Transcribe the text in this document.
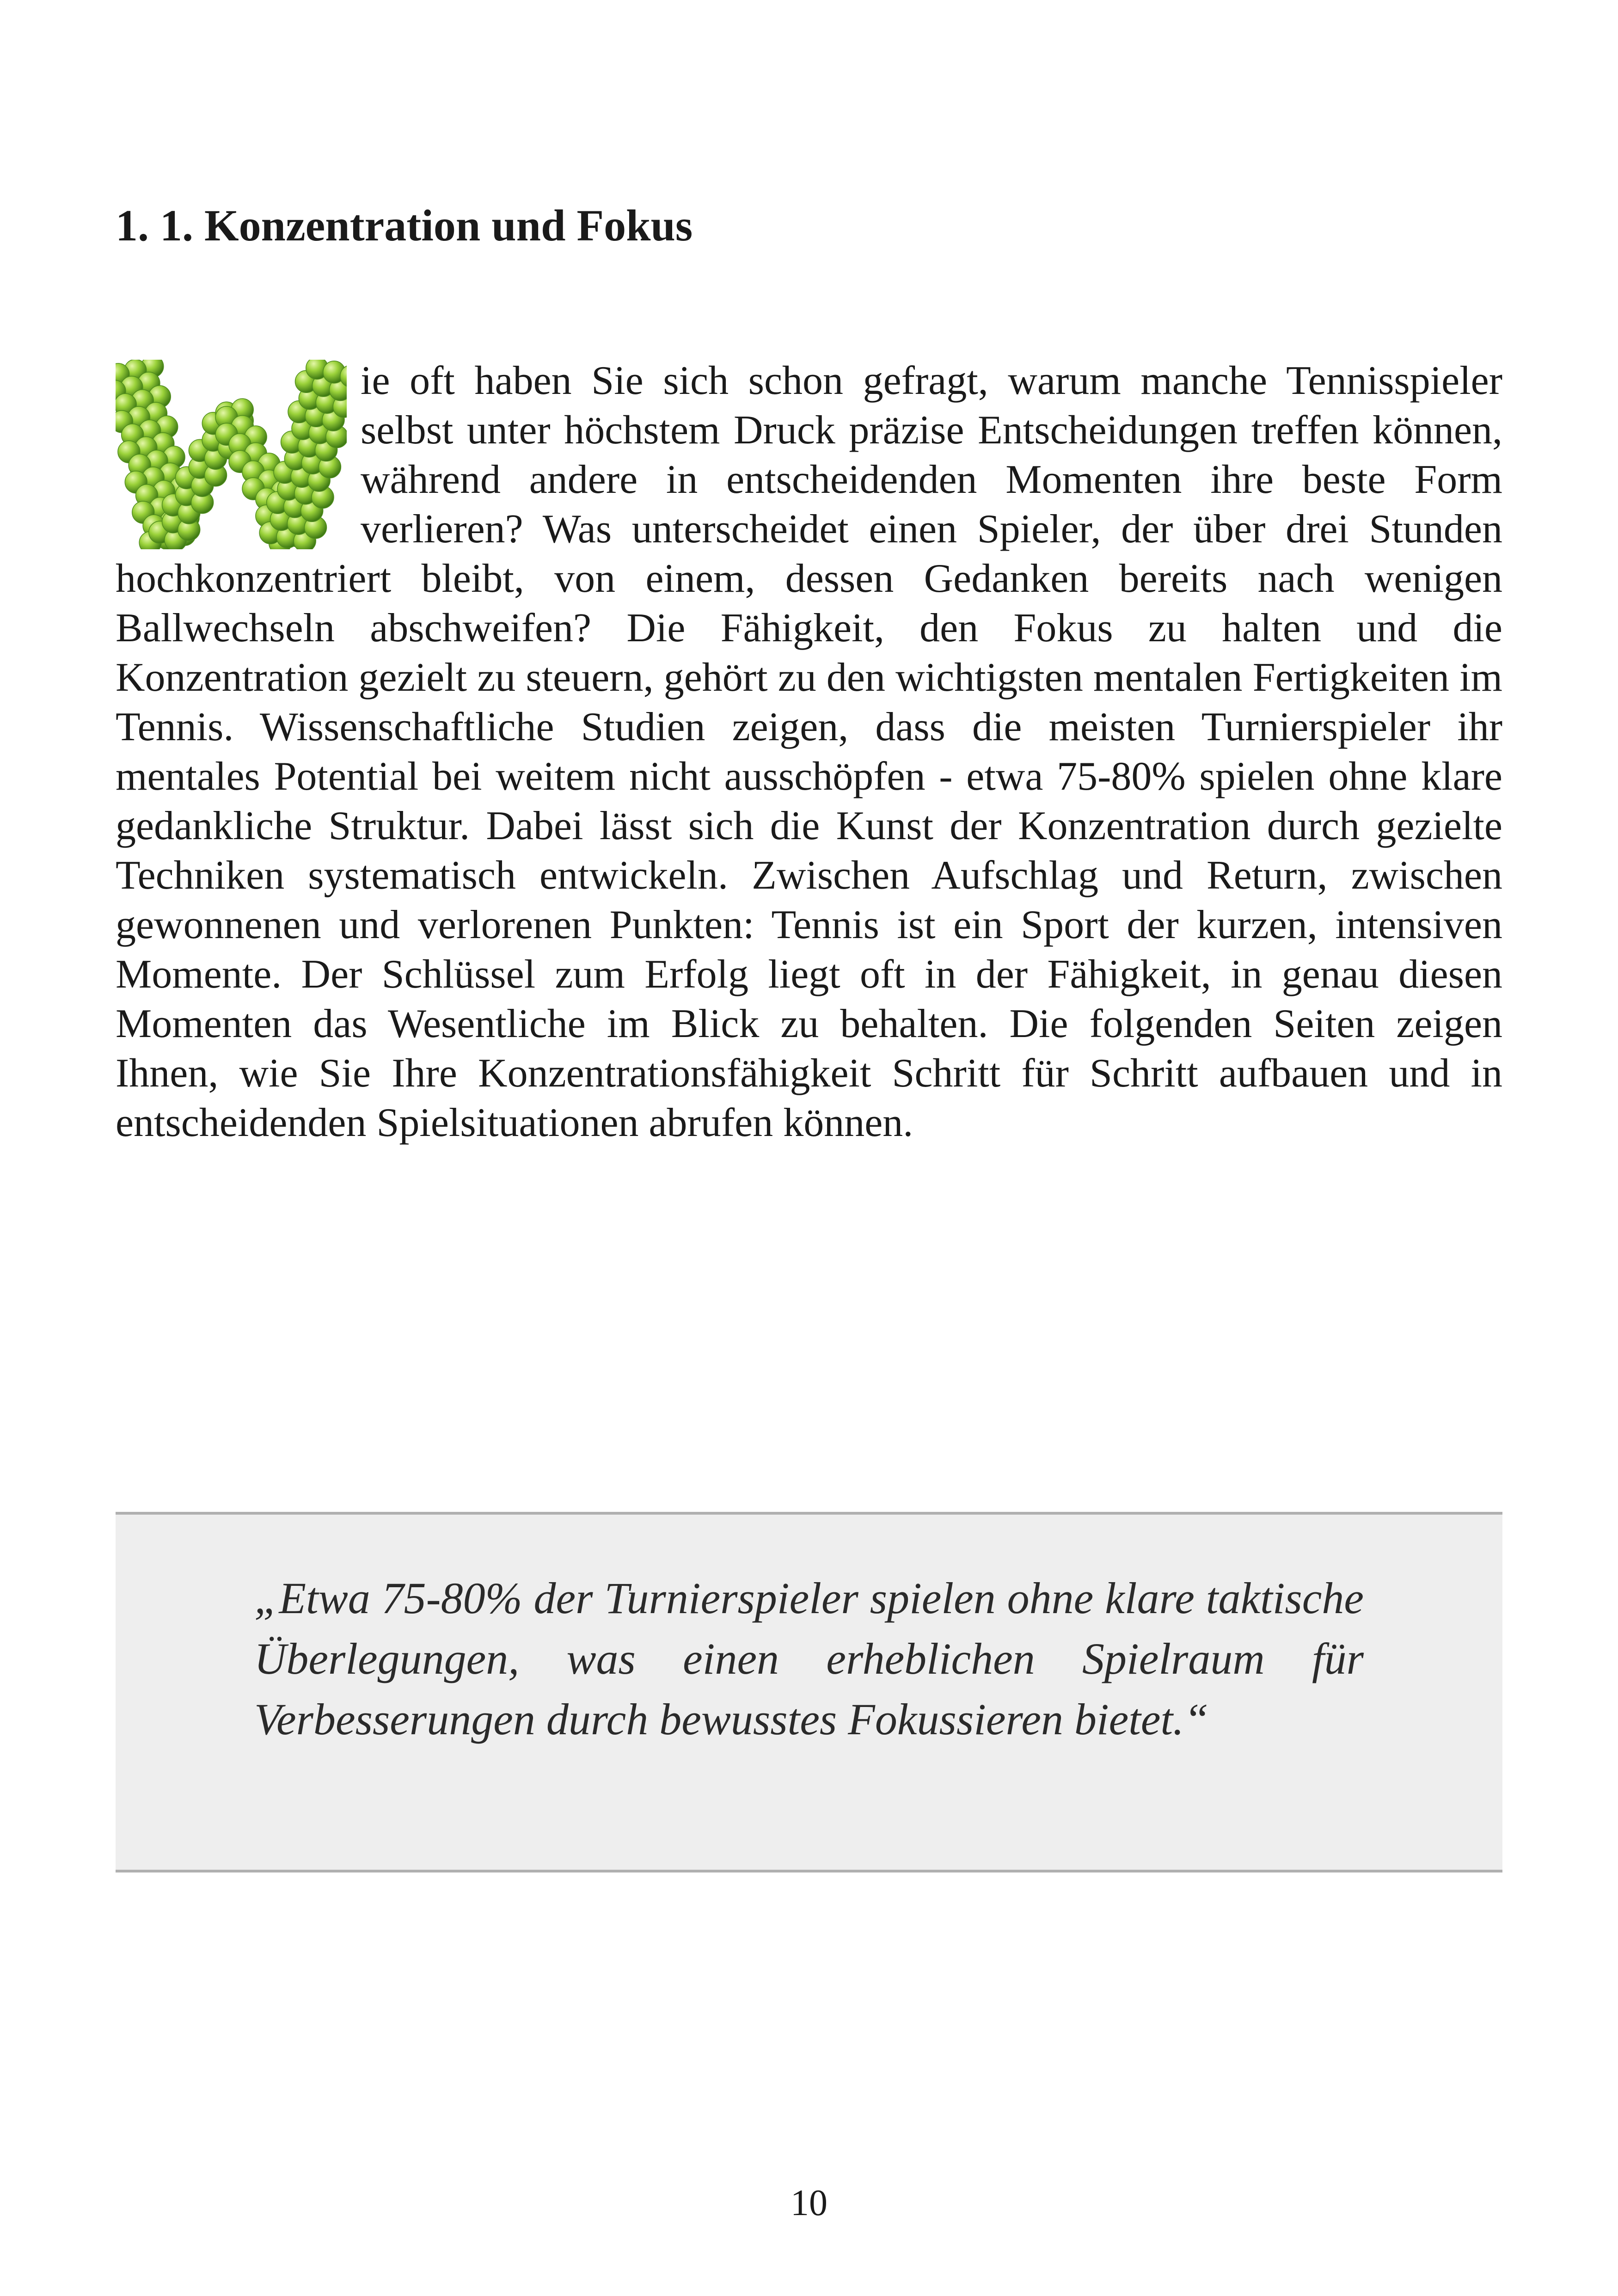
1. 1. Konzentration und Fokus

ie oft haben Sie sich schon gefragt, warum manche Tennisspieler selbst unter höchstem Druck präzise Entscheidungen treffen können, während andere in entscheidenden Momenten ihre beste Form verlieren? Was unterscheidet einen Spieler, der über drei Stunden hochkonzentriert bleibt, von einem, dessen Gedanken bereits nach wenigen Ballwechseln abschweifen? Die Fähigkeit, den Fokus zu halten und die Konzentration gezielt zu steuern, gehört zu den wichtigsten mentalen Fertigkeiten im Tennis. Wissenschaftliche Studien zeigen, dass die meisten Turnierspieler ihr mentales Potential bei weitem nicht ausschöpfen - etwa 75-80% spielen ohne klare gedankliche Struktur. Dabei lässt sich die Kunst der Konzentration durch gezielte Techniken systematisch entwickeln. Zwischen Aufschlag und Return, zwischen gewonnenen und verlorenen Punkten: Tennis ist ein Sport der kurzen, intensiven Momente. Der Schlüssel zum Erfolg liegt oft in der Fähigkeit, in genau diesen Momenten das Wesentliche im Blick zu behalten. Die folgenden Seiten zeigen Ihnen, wie Sie Ihre Konzentrationsfähigkeit Schritt für Schritt aufbauen und in entscheidenden Spielsituationen abrufen können.

„Etwa 75-80% der Turnierspieler spielen ohne klare taktische Überlegungen, was einen erheblichen Spielraum für Verbesserungen durch bewusstes Fokussieren bietet.“

10
